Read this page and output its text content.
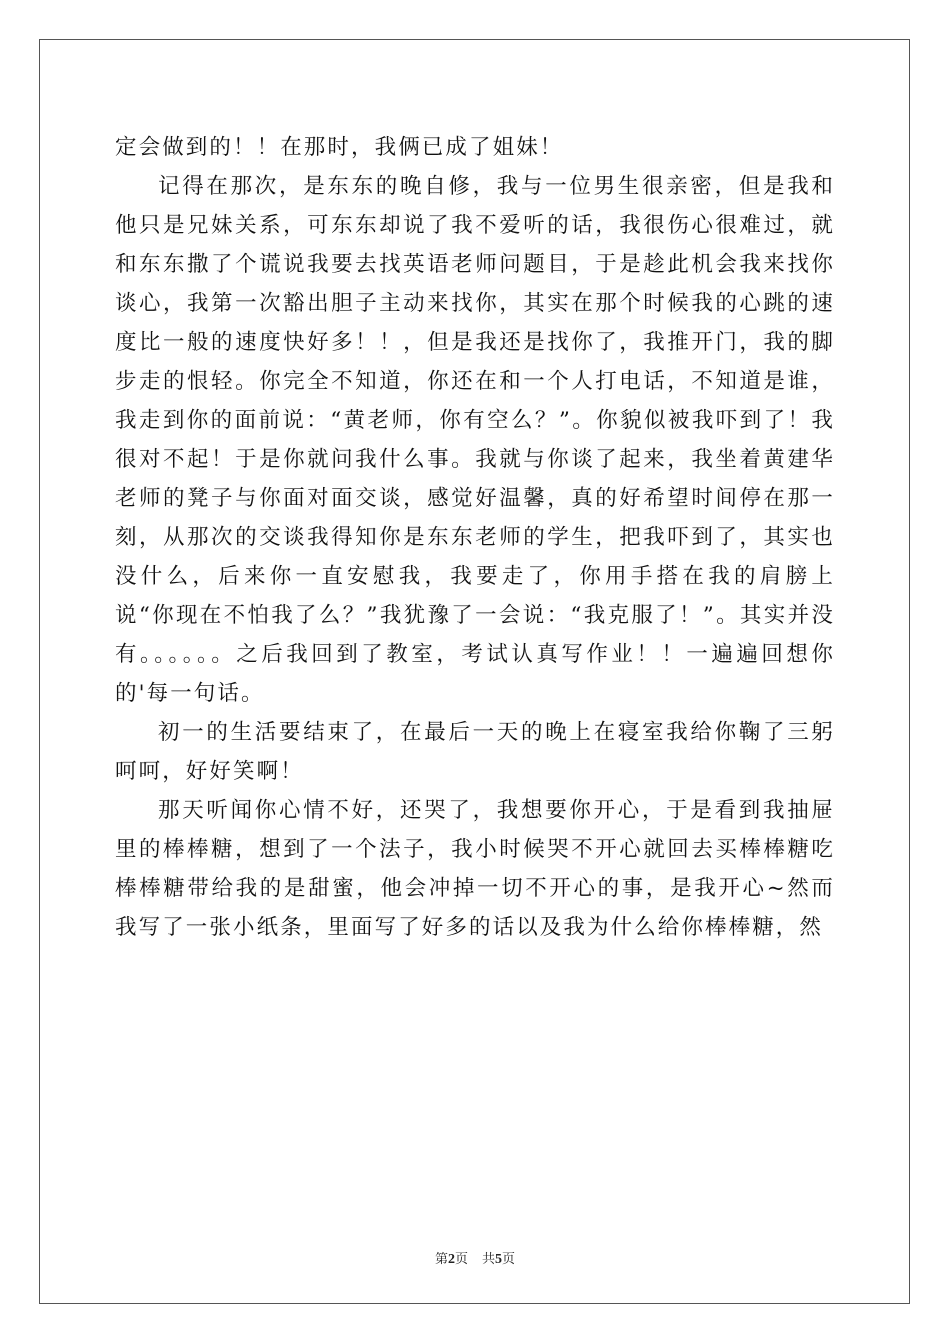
定会做到的！！在那时，我俩已成了姐妹！

记得在那次，是东东的晚自修，我与一位男生很亲密，但是我和他只是兄妹关系，可东东却说了我不爱听的话，我很伤心很难过，就和东东撒了个谎说我要去找英语老师问题目，于是趁此机会我来找你谈心，我第一次豁出胆子主动来找你，其实在那个时候我的心跳的速度比一般的速度快好多！！，但是我还是找你了，我推开门，我的脚步走的恨轻。你完全不知道，你还在和一个人打电话，不知道是谁，我走到你的面前说：“黄老师，你有空么？”。你貌似被我吓到了！我很对不起！于是你就问我什么事。我就与你谈了起来，我坐着黄建华老师的凳子与你面对面交谈，感觉好温馨，真的好希望时间停在那一刻，从那次的交谈我得知你是东东老师的学生，把我吓到了，其实也没什么，后来你一直安慰我，我要走了，你用手搭在我的肩膀上说“你现在不怕我了么？”我犹豫了一会说：“我克服了！”。其实并没有。。。。。。之后我回到了教室，考试认真写作业！！一遍遍回想你的'每一句话。

初一的生活要结束了，在最后一天的晚上在寝室我给你鞠了三躬呵呵，好好笑啊！

那天听闻你心情不好，还哭了，我想要你开心，于是看到我抽屉里的棒棒糖，想到了一个法子，我小时候哭不开心就回去买棒棒糖吃棒棒糖带给我的是甜蜜，他会冲掉一切不开心的事，是我开心~然而我写了一张小纸条，里面写了好多的话以及我为什么给你棒棒糖，然

第2页 共5页
